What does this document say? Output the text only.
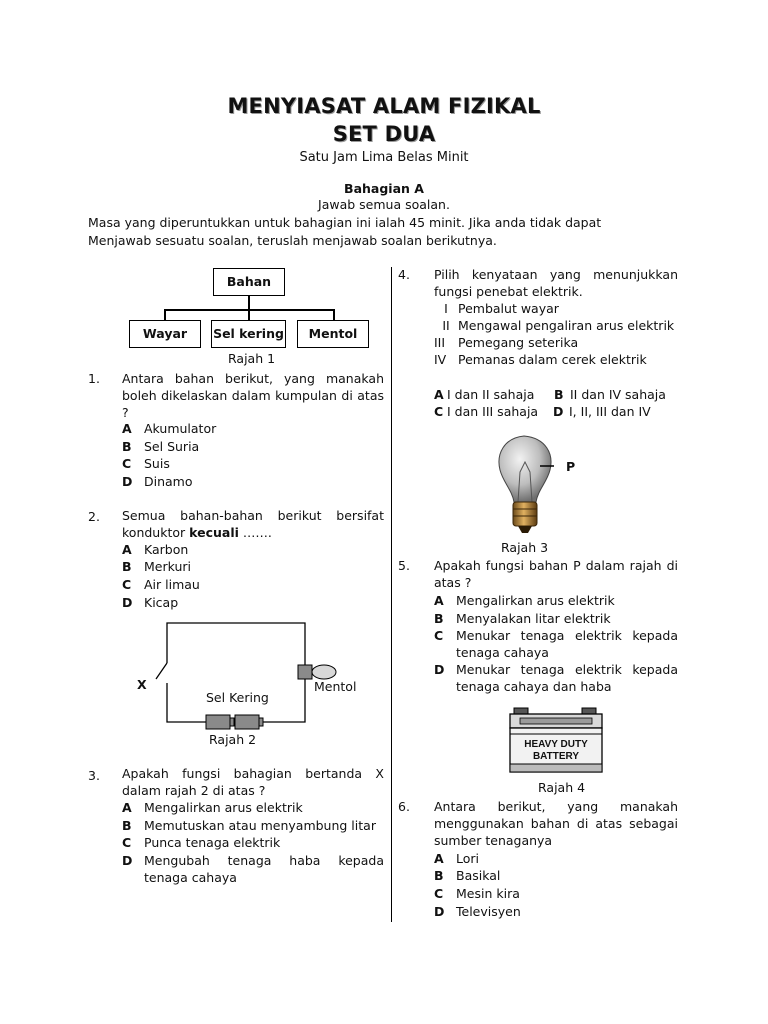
MENYIASAT ALAM FIZIKAL
SET DUA
Satu Jam Lima Belas Minit
Bahagian A
Jawab semua soalan.
Masa yang diperuntukkan untuk bahagian ini ialah 45 minit. Jika anda tidak dapat
Menjawab sesuatu soalan, teruslah menjawab soalan berikutnya.
Bahan
Wayar	Sel kering	Mentol
Rajah 1
1. Antara bahan berikut, yang manakah boleh dikelaskan dalam kumpulan di atas ?
A Akumulator
B Sel Suria
C Suis
D Dinamo
2. Semua bahan-bahan berikut bersifat konduktor kecuali …….
A Karbon
B Merkuri
C Air limau
D Kicap
X
Sel Kering
Mentol
Rajah 2
3. Apakah fungsi bahagian bertanda X dalam rajah 2 di atas ?
A Mengalirkan arus elektrik
B Memutuskan atau menyambung litar
C Punca tenaga elektrik
D Mengubah tenaga haba kepada tenaga cahaya
4. Pilih kenyataan yang menunjukkan fungsi penebat elektrik.
I Pembalut wayar
II Mengawal pengaliran arus elektrik
III Pemegang seterika
IV Pemanas dalam cerek elektrik
A I dan II sahaja B II dan IV sahaja
C I dan III sahaja D I, II, III dan IV
P
Rajah 3
5. Apakah fungsi bahan P dalam rajah di atas ?
A Mengalirkan arus elektrik
B Menyalakan litar elektrik
C	Menukar tenaga elektrik kepada tenaga cahaya
D Menukar tenaga elektrik kepada tenaga cahaya dan haba
HEAVY DUTY
BATTERY
Rajah 4
6. Antara berikut, yang manakah menggunakan bahan di atas sebagai sumber tenaganya
A Lori
B Basikal
C Mesin kira
D Televisyen
